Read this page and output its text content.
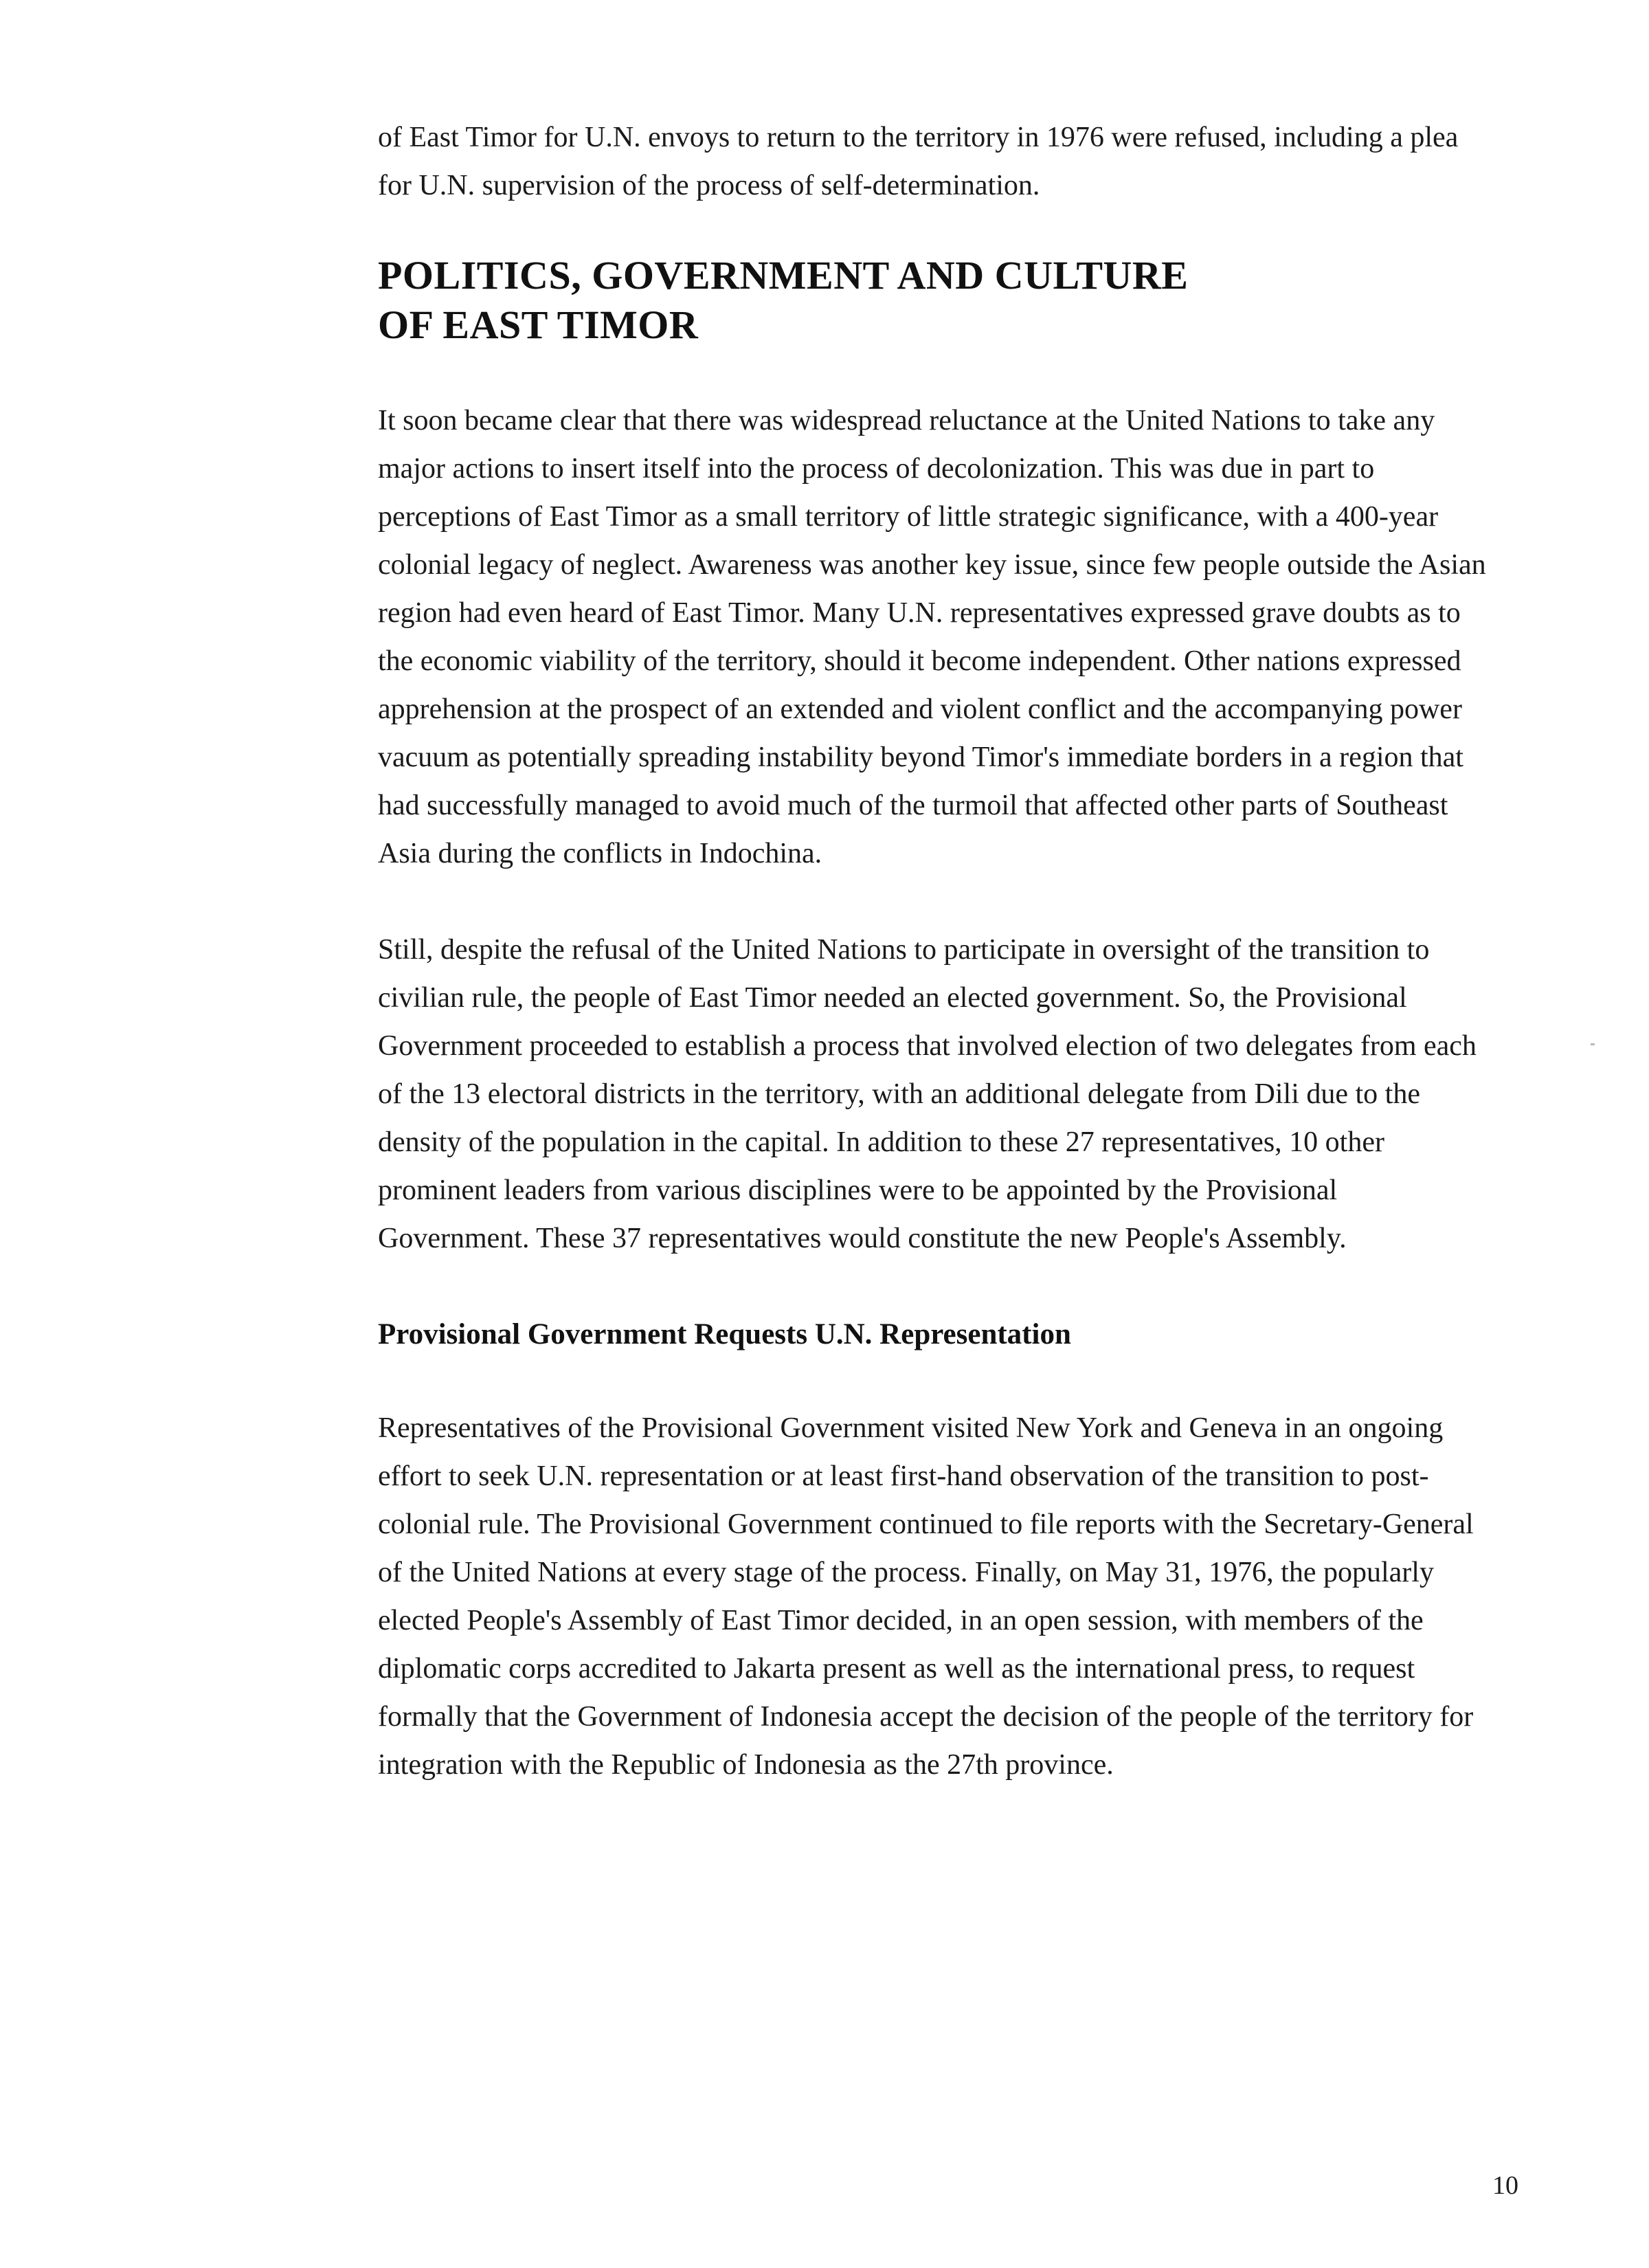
of East Timor for U.N. envoys to return to the territory in 1976 were refused, including a plea for U.N. supervision of the process of self-determination.

POLITICS, GOVERNMENT AND CULTURE
OF EAST TIMOR

It soon became clear that there was widespread reluctance at the United Nations to take any major actions to insert itself into the process of decolonization. This was due in part to perceptions of East Timor as a small territory of little strategic significance, with a 400-year colonial legacy of neglect. Awareness was another key issue, since few people outside the Asian region had even heard of East Timor. Many U.N. representatives expressed grave doubts as to the economic viability of the territory, should it become independent. Other nations expressed apprehension at the prospect of an extended and violent conflict and the accompanying power vacuum as potentially spreading instability beyond Timor's immediate borders in a region that had successfully managed to avoid much of the turmoil that affected other parts of Southeast Asia during the conflicts in Indochina.

Still, despite the refusal of the United Nations to participate in oversight of the transition to civilian rule, the people of East Timor needed an elected government. So, the Provisional Government proceeded to establish a process that involved election of two delegates from each of the 13 electoral districts in the territory, with an additional delegate from Dili due to the density of the population in the capital. In addition to these 27 representatives, 10 other prominent leaders from various disciplines were to be appointed by the Provisional Government. These 37 representatives would constitute the new People's Assembly.

Provisional Government Requests U.N. Representation

Representatives of the Provisional Government visited New York and Geneva in an ongoing effort to seek U.N. representation or at least first-hand observation of the transition to post-colonial rule. The Provisional Government continued to file reports with the Secretary-General of the United Nations at every stage of the process. Finally, on May 31, 1976, the popularly elected People's Assembly of East Timor decided, in an open session, with members of the diplomatic corps accredited to Jakarta present as well as the international press, to request formally that the Government of Indonesia accept the decision of the people of the territory for integration with the Republic of Indonesia as the 27th province.

10
